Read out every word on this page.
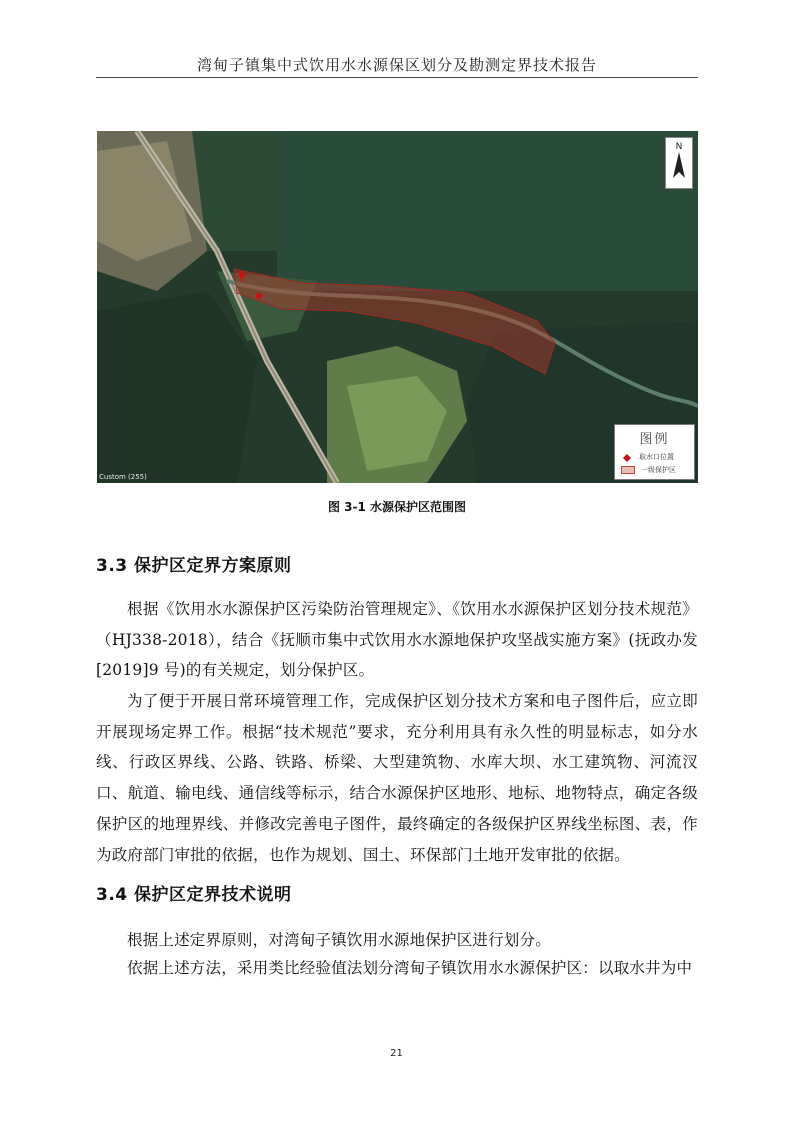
湾甸子镇集中式饮用水水源保区划分及勘测定界技术报告
N
Custom (255)
图例
取水口位置
一级保护区
图 3-1 水源保护区范围图
3.3 保护区定界方案原则
根据《饮用水水源保护区污染防治管理规定》、《饮用水水源保护区划分技术规范》（HJ338-2018），结合《抚顺市集中式饮用水水源地保护攻坚战实施方案》(抚政办发[2019]9 号)的有关规定，划分保护区。
为了便于开展日常环境管理工作，完成保护区划分技术方案和电子图件后，应立即开展现场定界工作。根据“技术规范”要求，充分利用具有永久性的明显标志，如分水线、行政区界线、公路、铁路、桥梁、大型建筑物、水库大坝、水工建筑物、河流汊口、航道、输电线、通信线等标示，结合水源保护区地形、地标、地物特点，确定各级保护区的地理界线、并修改完善电子图件，最终确定的各级保护区界线坐标图、表，作为政府部门审批的依据，也作为规划、国土、环保部门土地开发审批的依据。
3.4 保护区定界技术说明
根据上述定界原则，对湾甸子镇饮用水源地保护区进行划分。
依据上述方法，采用类比经验值法划分湾甸子镇饮用水水源保护区：以取水井为中
21
